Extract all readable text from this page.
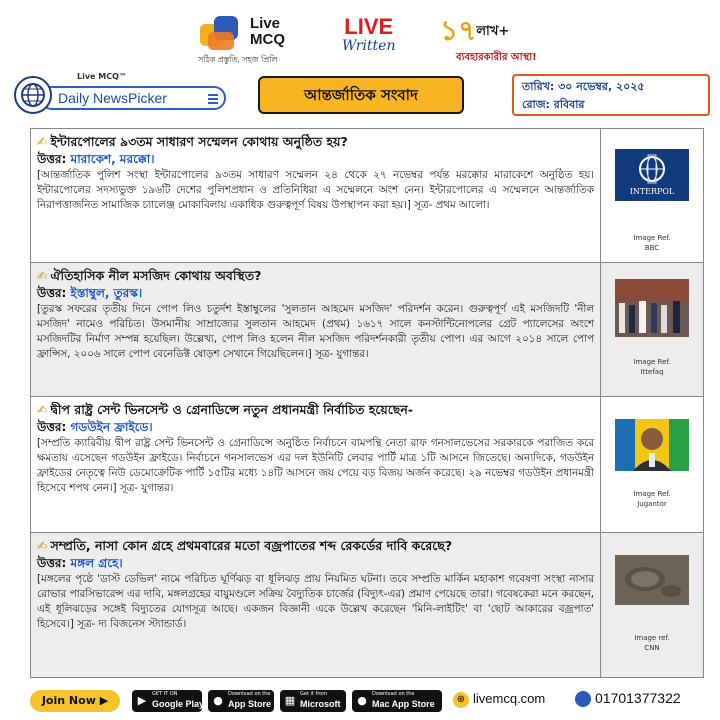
Live
MCQ
সঠিক প্রস্তুতি, সহজ প্রিলি
LIVE
Written ১৭লাখ+
ব্যবহারকারীর আস্থা!
Daily NewsPicker
Live MCQ™
আন্তর্জাতিক সংবাদ	তারিখ: ৩০ নভেম্বর, ২০২৫
রোজ: রবিবার
✍ ইন্টারপোলের ৯৩তম সাধারণ সম্মেলন কোথায় অনুষ্ঠিত হয়?
উত্তর: মারাকেশ, মরক্কো।
[আন্তর্জাতিক পুলিশ সংস্থা ইন্টারপোলের ৯৩তম সাধারণ সম্মেলন ২৪ থেকে ২৭ নভেম্বর পর্যন্ত মরক্কোর মারাকেশে অনুষ্ঠিত হয়। ইন্টারপোলের সদস্যভুক্ত ১৯৬টি দেশের পুলিশপ্রধান ও প্রতিনিধিরা এ সম্মেলনে অংশ নেন। ইন্টারপোলের এ সম্মেলনে আন্তর্জাতিক নিরাপত্তাজনিত সামাজিক চ্যালেঞ্জ মোকাবিলায় একাধিক গুরুত্বপূর্ণ বিষয় উপস্থাপন করা হয়।] সূত্র- প্রথম আলো।
INTERPOL
Image Ref.
BBC
✍ ঐতিহাসিক নীল মসজিদ কোথায় অবস্থিত?
উত্তর: ইস্তাম্বুল, তুরস্ক।
[তুরস্ক সফরের তৃতীয় দিনে পোপ লিও চতুর্দশ ইস্তাম্বুলের 'সুলতান আহমেদ মসজিদ' পরিদর্শন করেন। গুরুত্বপূর্ণ এই মসজিদটি 'নীল মসজিদ' নামেও পরিচিত। উসমানীয় সাম্রাজ্যের সুলতান আহমেদ (প্রথম) ১৬১৭ সালে কনস্টান্টিনোপলের গ্রেট প্যালেসের অংশে মসজিদটির নির্মাণ সম্পন্ন হয়েছিল। উল্লেখ্য, পোপ লিও হলেন নীল মসজিদ পরিদর্শনকারী তৃতীয় পোপ। এর আগে ২০১৪ সালে পোপ ফ্রান্সিস, ২০০৬ সালে পোপ বেনেডিক্ট ষোড়শ সেখানে গিয়েছিলেন।] সূত্র- যুগান্তর।
Image Ref.
Ittefaq
✍ দ্বীপ রাষ্ট্র সেন্ট ভিনসেন্ট ও গ্রেনাডিন্সে নতুন প্রধানমন্ত্রী নির্বাচিত হয়েছেন-
উত্তর: গডউইন ফ্রাইডে।
[সম্প্রতি ক্যারিবীয় দ্বীপ রাষ্ট্র সেন্ট ভিনসেন্ট ও গ্রেনাডিন্সে অনুষ্ঠিত নির্বাচনে বামপন্থি নেতা রাফ গনসালভেসের সরকারকে পরাজিত করে ক্ষমতায় এসেছেন গডউইন ফ্রাইডে। নির্বাচনে গনসালভেস এর দল ইউনিটি লেবার পার্টি মাত্র ১টি আসনে জিতেছে। অন্যদিকে, গডউইন ফ্রাইডের নেতৃত্বে নিউ ডেমোক্রেটিক পার্টি ১৫টির মধ্যে ১৪টি আসনে জয় পেয়ে বড় বিজয় অর্জন করেছে। ২৯ নভেম্বর গডউইন প্রধানমন্ত্রী হিসেবে শপথ নেন।] সূত্র- যুগান্তর।	Image Ref.
Jugantor
✍ সম্প্রতি, নাসা কোন গ্রহে প্রথমবারের মতো বজ্রপাতের শব্দ রেকর্ডের দাবি করেছে?
উত্তর: মঙ্গল গ্রহে।
[মঙ্গলের পৃষ্ঠে 'ডাস্ট ডেভিল' নামে পরিচিত ঘূর্ণিঝড় বা ধূলিঝড় প্রায় নিয়মিত ঘটনা। তবে সম্প্রতি মার্কিন মহাকাশ গবেষণা সংস্থা নাসার রোভার পারসিভারেন্স এর দাবি, মঙ্গলগ্রহের বায়ুমণ্ডলে সক্রিয় বৈদ্যুতিক চার্জের (বিদ্যুৎ-এর) প্রমাণ পেয়েছে তারা। গবেষকেরা মনে করছেন, এই ধূলিঝড়ের সঙ্গেই বিদ্যুতের যোগসূত্র আছে। একজন বিজ্ঞানী একে উল্লেখ করেছেন 'মিনি-লাইটিং' বা 'ছোট আকারের বজ্রপাত' হিসেবে।] সূত্র- দ্য বিজনেস স্ট্যান্ডার্ড।
Image ref.
CNN
Join Now ▶	▶	GET IT ON
Google Play ● Download on the
App Store ▦ Get it from
Microsoft ● Download on the
Mac App Store	⊕ livemcq.com	01701377322
